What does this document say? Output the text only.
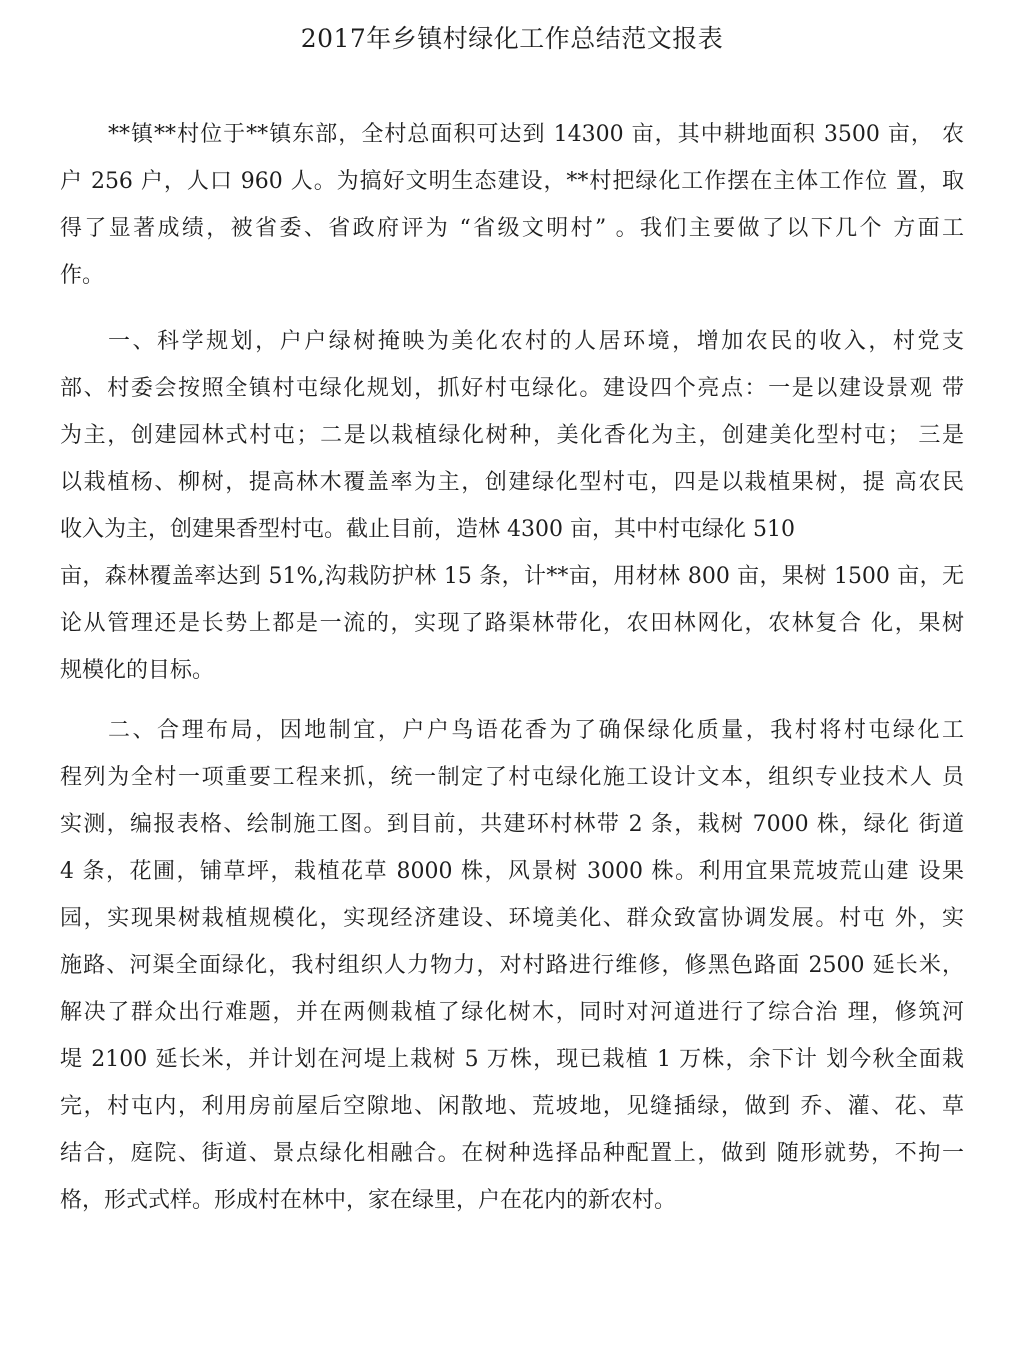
2017年乡镇村绿化工作总结范文报表
**镇**村位于**镇东部，全村总面积可达到 14300 亩，其中耕地面积 3500 亩， 农
户 256 户，人口 960 人。为搞好文明生态建设，**村把绿化工作摆在主体工作位 置，取
得了显著成绩，被省委、省政府评为 “省级文明村” 。我们主要做了以下几个 方面工
作。
一、科学规划，户户绿树掩映为美化农村的人居环境，增加农民的收入，村党支
部、村委会按照全镇村屯绿化规划，抓好村屯绿化。建设四个亮点：一是以建设景观 带
为主，创建园林式村屯；二是以栽植绿化树种，美化香化为主，创建美化型村屯； 三是
以栽植杨、柳树，提高林木覆盖率为主，创建绿化型村屯，四是以栽植果树，提 高农民
收入为主，创建果香型村屯。截止目前，造林 4300 亩，其中村屯绿化 510
亩，森林覆盖率达到 51%,沟栽防护林 15 条，计**亩，用材林 800 亩，果树 1500 亩，无
论从管理还是长势上都是一流的，实现了路渠林带化，农田林网化，农林复合 化，果树
规模化的目标。
二、合理布局，因地制宜，户户鸟语花香为了确保绿化质量，我村将村屯绿化工
程列为全村一项重要工程来抓，统一制定了村屯绿化施工设计文本，组织专业技术人 员
实测，编报表格、绘制施工图。到目前，共建环村林带 2 条，栽树 7000 株，绿化 街道
4 条，花圃，铺草坪，栽植花草 8000 株，风景树 3000 株。利用宜果荒坡荒山建 设果
园，实现果树栽植规模化，实现经济建设、环境美化、群众致富协调发展。村屯 外，实
施路、河渠全面绿化，我村组织人力物力，对村路进行维修，修黑色路面 2500 延长米，
解决了群众出行难题，并在两侧栽植了绿化树木，同时对河道进行了综合治 理，修筑河
堤 2100 延长米，并计划在河堤上栽树 5 万株，现已栽植 1 万株，余下计 划今秋全面栽
完，村屯内，利用房前屋后空隙地、闲散地、荒坡地，见缝插绿，做到 乔、灌、花、草
结合，庭院、街道、景点绿化相融合。在树种选择品种配置上，做到 随形就势，不拘一
格，形式式样。形成村在林中，家在绿里，户在花内的新农村。
